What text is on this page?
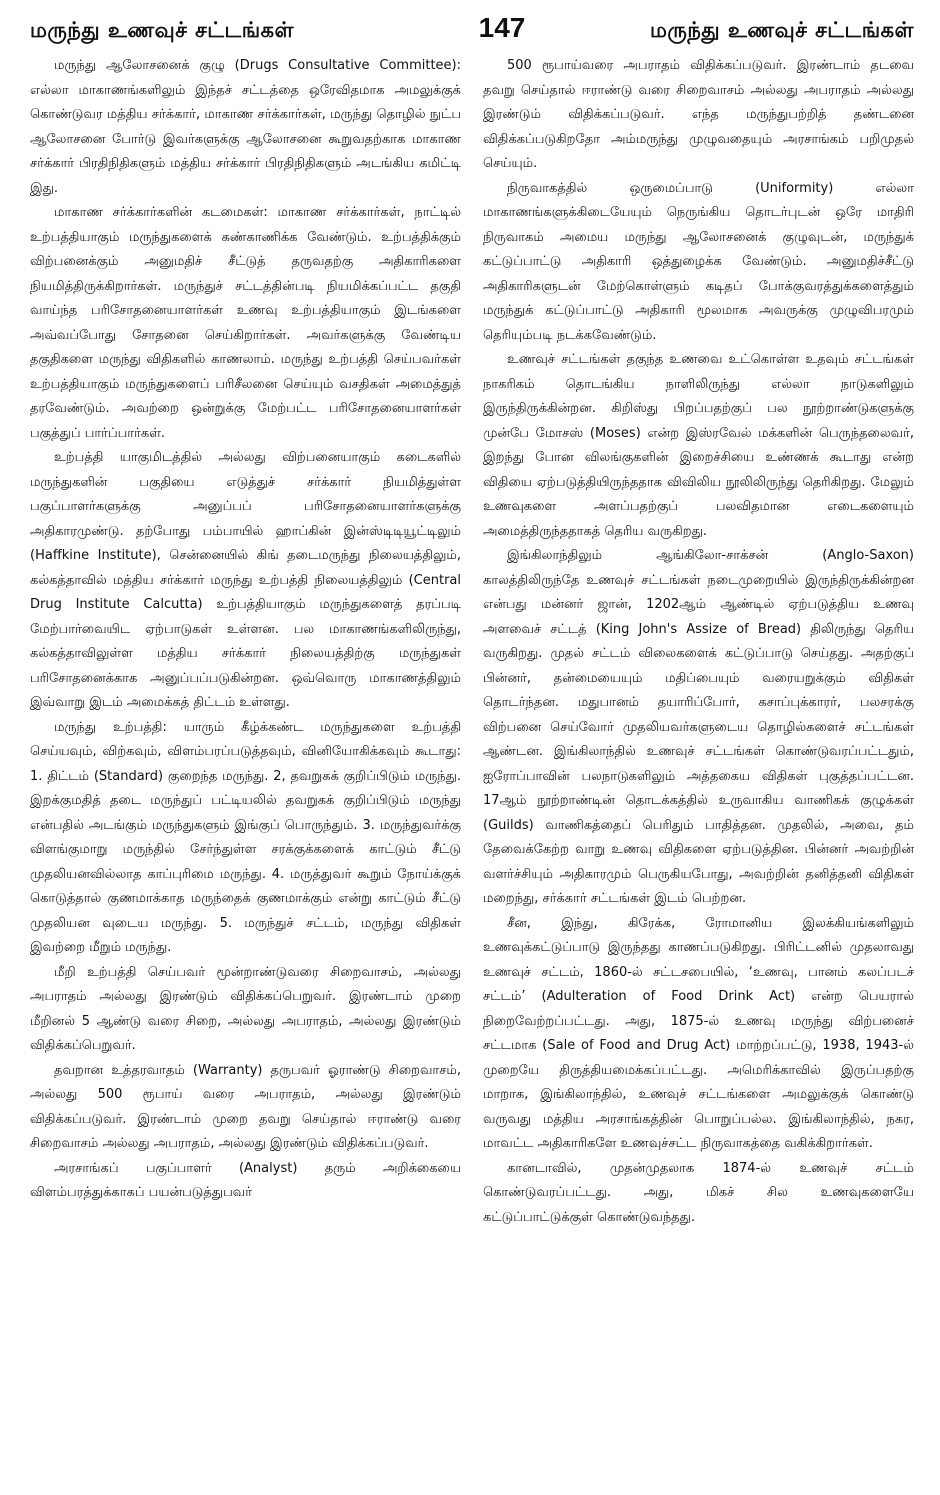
மருந்து உணவுச் சட்டங்கள்	147	மருந்து உணவுச் சட்டங்கள்

மருந்து ஆலோசனைக் குழு (Drugs Consultative Committee): எல்லா மாகாணங்களிலும் இந்தச் சட்டத்தை ஒரேவிதமாக அமலுக்குக் கொண்டுவர மத்திய சர்க்கார், மாகாண சர்க்கார்கள், மருந்து தொழில் நுட்ப ஆலோசனை போர்டு இவர்களுக்கு ஆலோசனை கூறுவதற்காக மாகாண சர்க்கார் பிரதிநிதிகளும் மத்திய சர்க்கார் பிரதிநிதிகளும் அடங்கிய கமிட்டி இது.

மாகாண சர்க்கார்களின் கடமைகள்: மாகாண சர்க்கார்கள், நாட்டில் உற்பத்தியாகும் மருந்துகளைக் கண்காணிக்க வேண்டும். உற்பத்திக்கும் விற்பனைக்கும் அனுமதிச் சீட்டுத் தருவதற்கு அதிகாரிகளை நியமித்திருக்கிறார்கள். மருந்துச் சட்டத்தின்படி நியமிக்கப்பட்ட தகுதி வாய்ந்த பரிசோதனையாளர்கள் உணவு உற்பத்தியாகும் இடங்களை அவ்வப்போது சோதனை செய்கிறார்கள். அவர்களுக்கு வேண்டிய தகுதிகளை மருந்து விதிகளில் காணலாம். மருந்து உற்பத்தி செய்பவர்கள் உற்பத்தியாகும் மருந்துகளைப் பரிசீலனை செய்யும் வசதிகள் அமைத்துத் தரவேண்டும். அவற்றை ஒன்றுக்கு மேற்பட்ட பரிசோதனையாளர்கள் பகுத்துப் பார்ப்பார்கள்.

உற்பத்தி யாகுமிடத்தில் அல்லது விற்பனையாகும் கடைகளில் மருந்துகளின் பகுதியை எடுத்துச் சர்க்கார் நியமித்துள்ள பகுப்பாளர்களுக்கு அனுப்பப் பரிசோதனையாளர்களுக்கு அதிகாரமுண்டு. தற்போது பம்பாயில் ஹாப்கின் இன்ஸ்டிடியூட்டிலும் (Haffkine Institute), சென்னையில் கிங் தடைமருந்து நிலையத்திலும், கல்கத்தாவில் மத்திய சர்க்கார் மருந்து உற்பத்தி நிலையத்திலும் (Central Drug Institute Calcutta) உற்பத்தியாகும் மருந்துகளைத் தரப்படி மேற்பார்வையிட ஏற்பாடுகள் உள்ளன. பல மாகாணங்களிலிருந்து, கல்கத்தாவிலுள்ள மத்திய சர்க்கார் நிலையத்திற்கு மருந்துகள் பரிசோதனைக்காக அனுப்பப்படுகின்றன. ஒவ்வொரு மாகாணத்திலும் இவ்வாறு இடம் அமைக்கத் திட்டம் உள்ளது.

மருந்து உற்பத்தி: யாரும் கீழ்க்கண்ட மருந்துகளை உற்பத்தி செய்யவும், விற்கவும், விளம்பரப்படுத்தவும், வினியோகிக்கவும் கூடாது: 1. திட்டம் (Standard) குறைந்த மருந்து. 2, தவறுகக் குறிப்பிடும் மருந்து. இறக்குமதித் தடை மருந்துப் பட்டியலில் தவறுகக் குறிப்பிடும் மருந்து என்பதில் அடங்கும் மருந்துகளும் இங்குப் பொருந்தும். 3. மருந்துவர்க்கு விளங்குமாறு மருந்தில் சேர்ந்துள்ள சரக்குக்களைக் காட்டும் சீட்டு முதலியனவில்லாத காப்புரிமை மருந்து. 4. மருத்துவர் கூறும் நோய்க்குக் கொடுத்தால் குணமாக்காத மருந்தைக் குணமாக்கும் என்று காட்டும் சீட்டு முதலியன வுடைய மருந்து. 5. மருந்துச் சட்டம், மருந்து விதிகள் இவற்றை மீறும் மருந்து.

மீறி உற்பத்தி செய்பவர் மூன்றாண்டுவரை சிறைவாசம், அல்லது அபராதம் அல்லது இரண்டும் விதிக்கப்பெறுவர். இரண்டாம் முறை மீறினல் 5 ஆண்டு வரை சிறை, அல்லது அபராதம், அல்லது இரண்டும் விதிக்கப்பெறுவர்.

தவறான உத்தரவாதம் (Warranty) தருபவர் ஓராண்டு சிறைவாசம், அல்லது 500 ரூபாய் வரை அபராதம், அல்லது இரண்டும் விதிக்கப்படுவர். இரண்டாம் முறை தவறு செய்தால் ஈராண்டு வரை சிறைவாசம் அல்லது அபராதம், அல்லது இரண்டும் விதிக்கப்படுவர்.

அரசாங்கப் பகுப்பாளர் (Analyst) தரும் அறிக்கையை விளம்பரத்துக்காகப் பயன்படுத்துபவர்

500 ரூபாய்வரை அபராதம் விதிக்கப்படுவர். இரண்டாம் தடவை தவறு செய்தால் ஈராண்டு வரை சிறைவாசம் அல்லது அபராதம் அல்லது இரண்டும் விதிக்கப்படுவர். எந்த மருந்துபற்றித் தண்டனை விதிக்கப்படுகிறதோ அம்மருந்து முழுவதையும் அரசாங்கம் பறிமுதல் செய்யும்.

நிருவாகத்தில் ஒருமைப்பாடு (Uniformity) எல்லா மாகாணங்களுக்கிடையேயும் நெருங்கிய தொடர்புடன் ஒரே மாதிரி நிருவாகம் அமைய மருந்து ஆலோசனைக் குழுவுடன், மருந்துக் கட்டுப்பாட்டு அதிகாரி ஒத்துழைக்க வேண்டும். அனுமதிச்சீட்டு அதிகாரிகளுடன் மேற்கொள்ளும் கடிதப் போக்குவரத்துக்களைத்தும் மருந்துக் கட்டுப்பாட்டு அதிகாரி மூலமாக அவருக்கு முழுவிபரமும் தெரியும்படி நடக்கவேண்டும்.

உணவுச் சட்டங்கள் தகுந்த உணவை உட்கொள்ள உதவும் சட்டங்கள் நாகரிகம் தொடங்கிய நாளிலிருந்து எல்லா நாடுகளிலும் இருந்திருக்கின்றன. கிறிஸ்து பிறப்பதற்குப் பல நூற்றாண்டுகளுக்கு முன்பே மோசஸ் (Moses) என்ற இஸ்ரவேல் மக்களின் பெருந்தலைவர், இறந்து போன விலங்குகளின் இறைச்சியை உண்ணக் கூடாது என்ற விதியை ஏற்படுத்தியிருந்ததாக விவிலிய நூலிலிருந்து தெரிகிறது. மேலும் உணவுகளை அளப்பதற்குப் பலவிதமான எடைகளையும் அமைத்திருந்ததாகத் தெரிய வருகிறது.

இங்கிலாந்திலும் ஆங்கிலோ-சாக்சன் (Anglo-Saxon) காலத்திலிருந்தே உணவுச் சட்டங்கள் நடைமுறையில் இருந்திருக்கின்றன என்பது மன்னர் ஜான், 1202ஆம் ஆண்டில் ஏற்படுத்திய உணவு அளவைச் சட்டத் (King John's Assize of Bread) திலிருந்து தெரிய வருகிறது. முதல் சட்டம் விலைகளைக் கட்டுப்பாடு செய்தது. அதற்குப் பின்னர், தன்மையையும் மதிப்பையும் வரையறுக்கும் விதிகள் தொடர்ந்தன. மதுபானம் தயாரிப்போர், கசாப்புக்காரர், பலசரக்கு விற்பனை செய்வோர் முதலியவர்களுடைய தொழில்களைச் சட்டங்கள் ஆண்டன. இங்கிலாந்தில் உணவுச் சட்டங்கள் கொண்டுவரப்பட்டதும், ஐரோப்பாவின் பலநாடுகளிலும் அத்தகைய விதிகள் புகுத்தப்பட்டன. 17ஆம் நூற்றாண்டின் தொடக்கத்தில் உருவாகிய வாணிகக் குழுக்கள் (Guilds) வாணிகத்தைப் பெரிதும் பாதித்தன. முதலில், அவை, தம் தேவைக்கேற்ற வாறு உணவு விதிகளை ஏற்படுத்தின. பின்னர் அவற்றின் வளர்ச்சியும் அதிகாரமும் பெருகியபோது, அவற்றின் தனித்தனி விதிகள் மறைந்து, சர்க்கார் சட்டங்கள் இடம் பெற்றன.

சீன, இந்து, கிரேக்க, ரோமானிய இலக்கியங்களிலும் உணவுக்கட்டுப்பாடு இருந்தது காணப்படுகிறது. பிரிட்டனில் முதலாவது உணவுச் சட்டம், 1860-ல் சட்டசபையில், ‘உணவு, பானம் கலப்படச் சட்டம்’ (Adulteration of Food Drink Act) என்ற பெயரால் நிறைவேற்றப்பட்டது. அது, 1875-ல் உணவு மருந்து விற்பனைச் சட்டமாக (Sale of Food and Drug Act) மாற்றப்பட்டு, 1938, 1943-ல் முறையே திருத்தியமைக்கப்பட்டது. அமெரிக்காவில் இருப்பதற்கு மாறாக, இங்கிலாந்தில், உணவுச் சட்டங்களை அமலுக்குக் கொண்டு வருவது மத்திய அரசாங்கத்தின் பொறுப்பல்ல. இங்கிலாந்தில், நகர, மாவட்ட அதிகாரிகளே உணவுச்சட்ட நிருவாகத்தை வகிக்கிறார்கள்.

கானடாவில், முதன்முதலாக 1874-ல் உணவுச் சட்டம் கொண்டுவரப்பட்டது. அது, மிகச் சில உணவுகளையே கட்டுப்பாட்டுக்குள் கொண்டுவந்தது.
